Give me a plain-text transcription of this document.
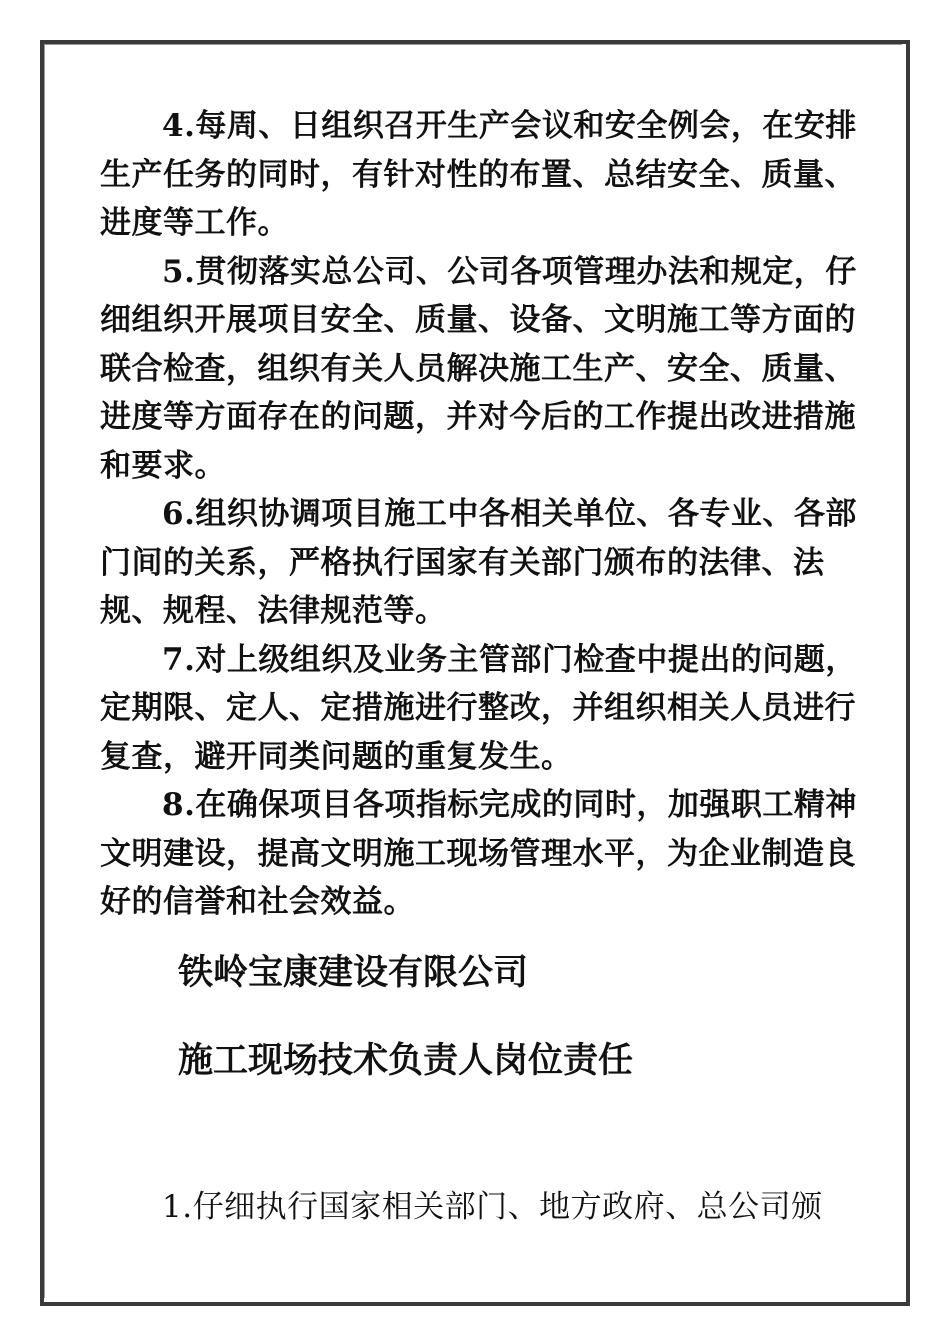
4.每周、日组织召开生产会议和安全例会，在安排生产任务的同时，有针对性的布置、总结安全、质量、进度等工作。

5.贯彻落实总公司、公司各项管理办法和规定，仔细组织开展项目安全、质量、设备、文明施工等方面的联合检查，组织有关人员解决施工生产、安全、质量、进度等方面存在的问题，并对今后的工作提出改进措施和要求。

6.组织协调项目施工中各相关单位、各专业、各部门间的关系，严格执行国家有关部门颁布的法律、法规、规程、法律规范等。

7.对上级组织及业务主管部门检查中提出的问题，定期限、定人、定措施进行整改，并组织相关人员进行复查，避开同类问题的重复发生。

8.在确保项目各项指标完成的同时，加强职工精神文明建设，提高文明施工现场管理水平，为企业制造良好的信誉和社会效益。

铁岭宝康建设有限公司
施工现场技术负责人岗位责任

1.仔细执行国家相关部门、地方政府、总公司颁
